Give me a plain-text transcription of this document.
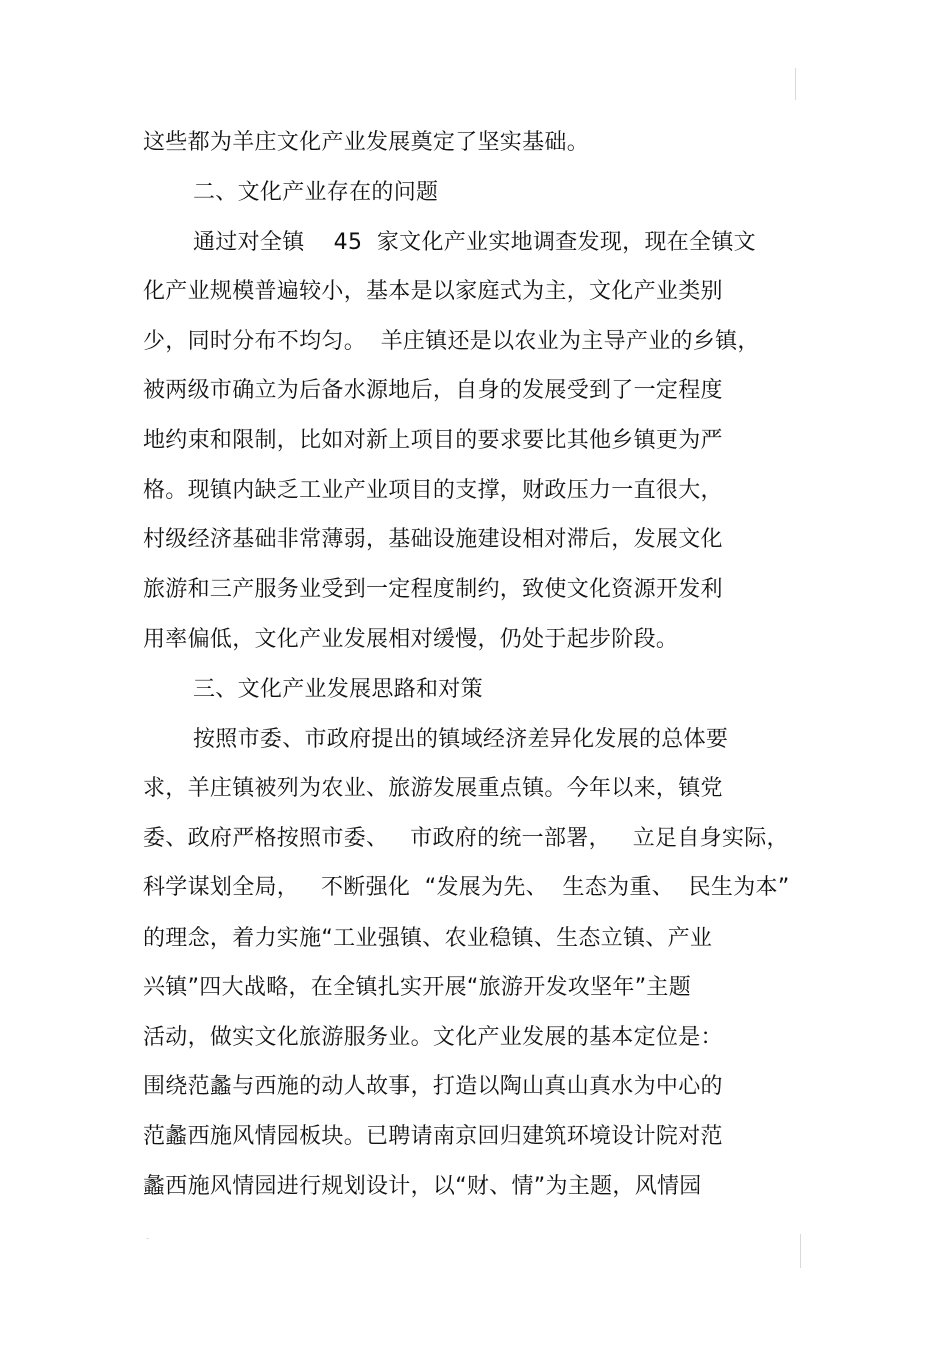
这些都为羊庄文化产业发展奠定了坚实基础。
二、文化产业存在的问题
通过对全镇    45  家文化产业实地调查发现，现在全镇文
化产业规模普遍较小，基本是以家庭式为主，文化产业类别
少，同时分布不均匀。  羊庄镇还是以农业为主导产业的乡镇，
被两级市确立为后备水源地后，自身的发展受到了一定程度
地约束和限制，比如对新上项目的要求要比其他乡镇更为严
格。现镇内缺乏工业产业项目的支撑，财政压力一直很大，
村级经济基础非常薄弱，基础设施建设相对滞后，发展文化
旅游和三产服务业受到一定程度制约，致使文化资源开发利
用率偏低，文化产业发展相对缓慢，仍处于起步阶段。
三、文化产业发展思路和对策
按照市委、市政府提出的镇域经济差异化发展的总体要
求，羊庄镇被列为农业、旅游发展重点镇。今年以来，镇党
委、政府严格按照市委、   市政府的统一部署，   立足自身实际，
科学谋划全局，   不断强化  “发展为先、  生态为重、  民生为本”
的理念，着力实施“工业强镇、农业稳镇、生态立镇、产业
兴镇”四大战略，在全镇扎实开展“旅游开发攻坚年”主题
活动，做实文化旅游服务业。文化产业发展的基本定位是：
围绕范蠡与西施的动人故事，打造以陶山真山真水为中心的
范蠡西施风情园板块。已聘请南京回归建筑环境设计院对范
蠡西施风情园进行规划设计，以“财、情”为主题，风情园
